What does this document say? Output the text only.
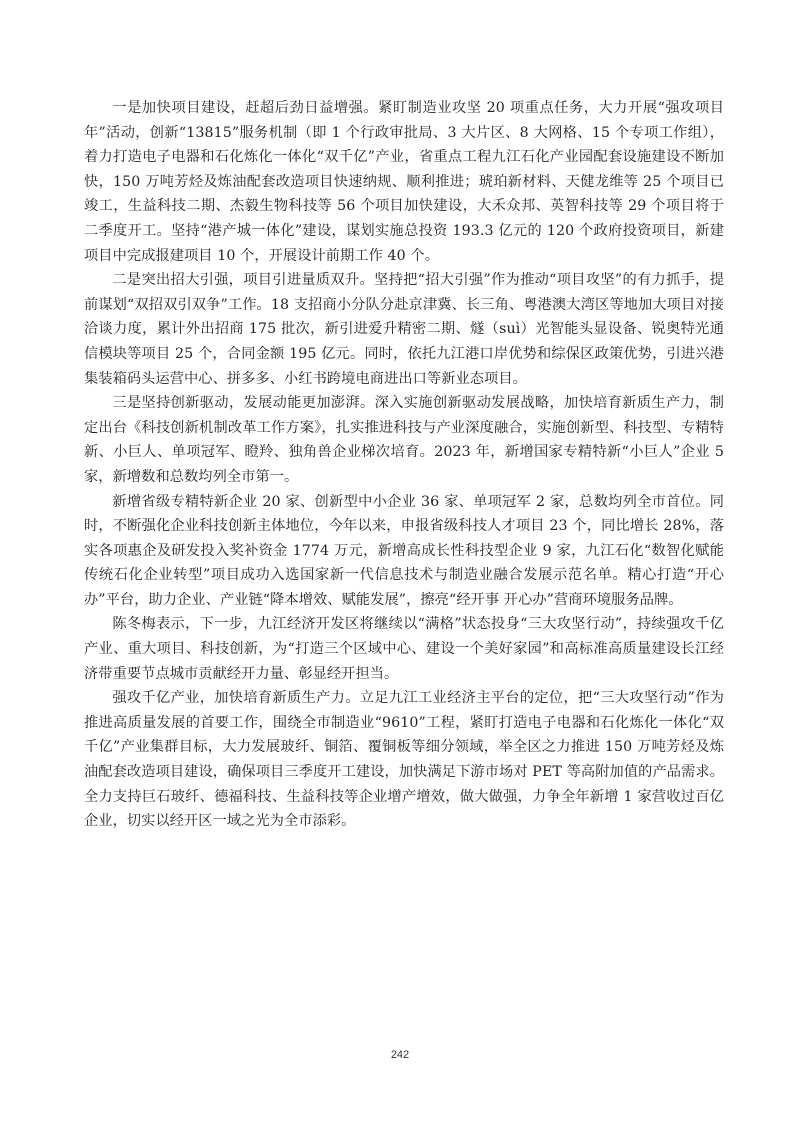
一是加快项目建设，赶超后劲日益增强。紧盯制造业攻坚 20 项重点任务，大力开展“强攻项目年”活动，创新“13815”服务机制（即 1 个行政审批局、3 大片区、8 大网格、15 个专项工作组），着力打造电子电器和石化炼化一体化“双千亿”产业，省重点工程九江石化产业园配套设施建设不断加快，150 万吨芳烃及炼油配套改造项目快速纳规、顺利推进；琥珀新材料、天健龙维等 25 个项目已竣工，生益科技二期、杰毅生物科技等 56 个项目加快建设，大禾众邦、英智科技等 29 个项目将于二季度开工。坚持“港产城一体化”建设，谋划实施总投资 193.3 亿元的 120 个政府投资项目，新建项目中完成报建项目 10 个，开展设计前期工作 40 个。

二是突出招大引强，项目引进量质双升。坚持把“招大引强”作为推动“项目攻坚”的有力抓手，提前谋划“双招双引双争”工作。18 支招商小分队分赴京津冀、长三角、粤港澳大湾区等地加大项目对接洽谈力度，累计外出招商 175 批次，新引进爱升精密二期、燧（suì）光智能头显设备、锐奥特光通信模块等项目 25 个，合同金额 195 亿元。同时，依托九江港口岸优势和综保区政策优势，引进兴港集装箱码头运营中心、拼多多、小红书跨境电商进出口等新业态项目。

三是坚持创新驱动，发展动能更加澎湃。深入实施创新驱动发展战略，加快培育新质生产力，制定出台《科技创新机制改革工作方案》，扎实推进科技与产业深度融合，实施创新型、科技型、专精特新、小巨人、单项冠军、瞪羚、独角兽企业梯次培育。2023 年，新增国家专精特新“小巨人”企业 5 家，新增数和总数均列全市第一。

新增省级专精特新企业 20 家、创新型中小企业 36 家、单项冠军 2 家，总数均列全市首位。同时，不断强化企业科技创新主体地位，今年以来，申报省级科技人才项目 23 个，同比增长 28%，落实各项惠企及研发投入奖补资金 1774 万元，新增高成长性科技型企业 9 家，九江石化“数智化赋能传统石化企业转型”项目成功入选国家新一代信息技术与制造业融合发展示范名单。精心打造“开心办”平台，助力企业、产业链“降本增效、赋能发展”，擦亮“经开事 开心办”营商环境服务品牌。

陈冬梅表示，下一步，九江经济开发区将继续以“满格”状态投身“三大攻坚行动”，持续强攻千亿产业、重大项目、科技创新，为“打造三个区域中心、建设一个美好家园”和高标准高质量建设长江经济带重要节点城市贡献经开力量、彰显经开担当。

强攻千亿产业，加快培育新质生产力。立足九江工业经济主平台的定位，把“三大攻坚行动”作为推进高质量发展的首要工作，围绕全市制造业“9610”工程，紧盯打造电子电器和石化炼化一体化“双千亿”产业集群目标，大力发展玻纤、铜箔、覆铜板等细分领域，举全区之力推进 150 万吨芳烃及炼油配套改造项目建设，确保项目三季度开工建设，加快满足下游市场对 PET 等高附加值的产品需求。全力支持巨石玻纤、德福科技、生益科技等企业增产增效，做大做强，力争全年新增 1 家营收过百亿企业，切实以经开区一域之光为全市添彩。

242
